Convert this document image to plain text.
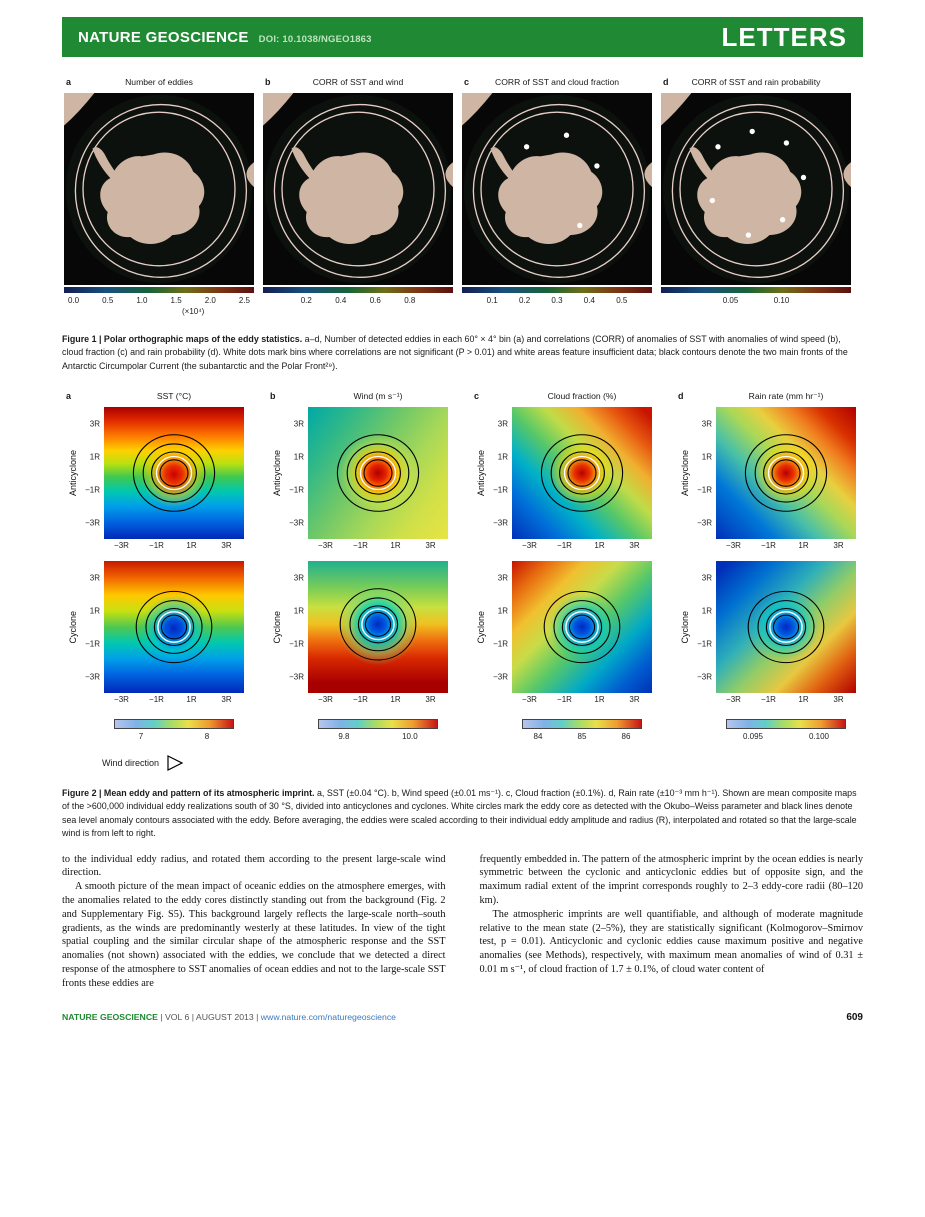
NATURE GEOSCIENCE DOI: 10.1038/NGEO1863	LETTERS
a	Number of eddies
0.0	0.5	1.0	1.5	2.0	2.5
(×10⁴)
b	CORR of SST and wind
0.2	0.4	0.6	0.8
c	CORR of SST and cloud fraction
0.1	0.2	0.3	0.4	0.5
d	CORR of SST and rain probability
0.05	0.10
Figure 1 | Polar orthographic maps of the eddy statistics. a–d, Number of detected eddies in each 60° × 4° bin (a) and correlations (CORR) of anomalies of SST with anomalies of wind speed (b), cloud fraction (c) and rain probability (d). White dots mark bins where correlations are not significant (P > 0.01) and white areas feature insufficient data; black contours denote the two main fronts of the Antarctic Circumpolar Current (the subantarctic and the Polar Front²⁹).
a	SST (°C)
Anticyclone
3R
1R
−1R
−3R
−3R	−1R	1R	3R
Cyclone
3R
1R
−1R
−3R
−3R	−1R	1R	3R
7	8
b	Wind (m s⁻¹)
Anticyclone
3R
1R
−1R
−3R
−3R	−1R	1R	3R
Cyclone
3R
1R
−1R
−3R
−3R	−1R	1R	3R
9.8	10.0
c	Cloud fraction (%)
Anticyclone
3R
1R
−1R
−3R
−3R	−1R	1R	3R
Cyclone
3R
1R
−1R
−3R
−3R	−1R	1R	3R
84	85	86
d	Rain rate (mm hr⁻¹)
Anticyclone
3R
1R
−1R
−3R
−3R	−1R	1R	3R
Cyclone
3R
1R
−1R
−3R
−3R	−1R	1R	3R
0.095	0.100
Wind direction
Figure 2 | Mean eddy and pattern of its atmospheric imprint. a, SST (±0.04 °C). b, Wind speed (±0.01 ms⁻¹). c, Cloud fraction (±0.1%). d, Rain rate (±10⁻³ mm h⁻¹). Shown are mean composite maps of the >600,000 individual eddy realizations south of 30 °S, divided into anticyclones and cyclones. White circles mark the eddy core as detected with the Okubo–Weiss parameter and black lines denote sea level anomaly contours associated with the eddy. Before averaging, the eddies were scaled according to their individual eddy amplitude and radius (R), interpolated and rotated so that the large-scale wind is from left to right.

to the individual eddy radius, and rotated them according to the present large-scale wind direction.

A smooth picture of the mean impact of oceanic eddies on the atmosphere emerges, with the anomalies related to the eddy cores distinctly standing out from the background (Fig. 2 and Supplementary Fig. S5). This background largely reflects the large-scale north–south gradients, as the winds are predominantly westerly at these latitudes. In view of the tight spatial coupling and the similar circular shape of the atmospheric response and the SST anomalies (not shown) associated with the eddies, we conclude that we detected a direct response of the atmosphere to SST anomalies of ocean eddies and not to the large-scale SST fronts these eddies are

frequently embedded in. The pattern of the atmospheric imprint by the ocean eddies is nearly symmetric between the cyclonic and anticyclonic eddies but of opposite sign, and the maximum radial extent of the imprint corresponds roughly to 2–3 eddy-core radii (80–120 km).

The atmospheric imprints are well quantifiable, and although of moderate magnitude relative to the mean state (2–5%), they are statistically significant (Kolmogorov–Smirnov test, p = 0.01). Anticyclonic and cyclonic eddies cause maximum positive and negative anomalies (see Methods), respectively, with maximum mean anomalies of wind of 0.31 ± 0.01 m s⁻¹, of cloud fraction of 1.7 ± 0.1%, of cloud water content of

NATURE GEOSCIENCE | VOL 6 | AUGUST 2013 | www.nature.com/naturegeoscience	609
